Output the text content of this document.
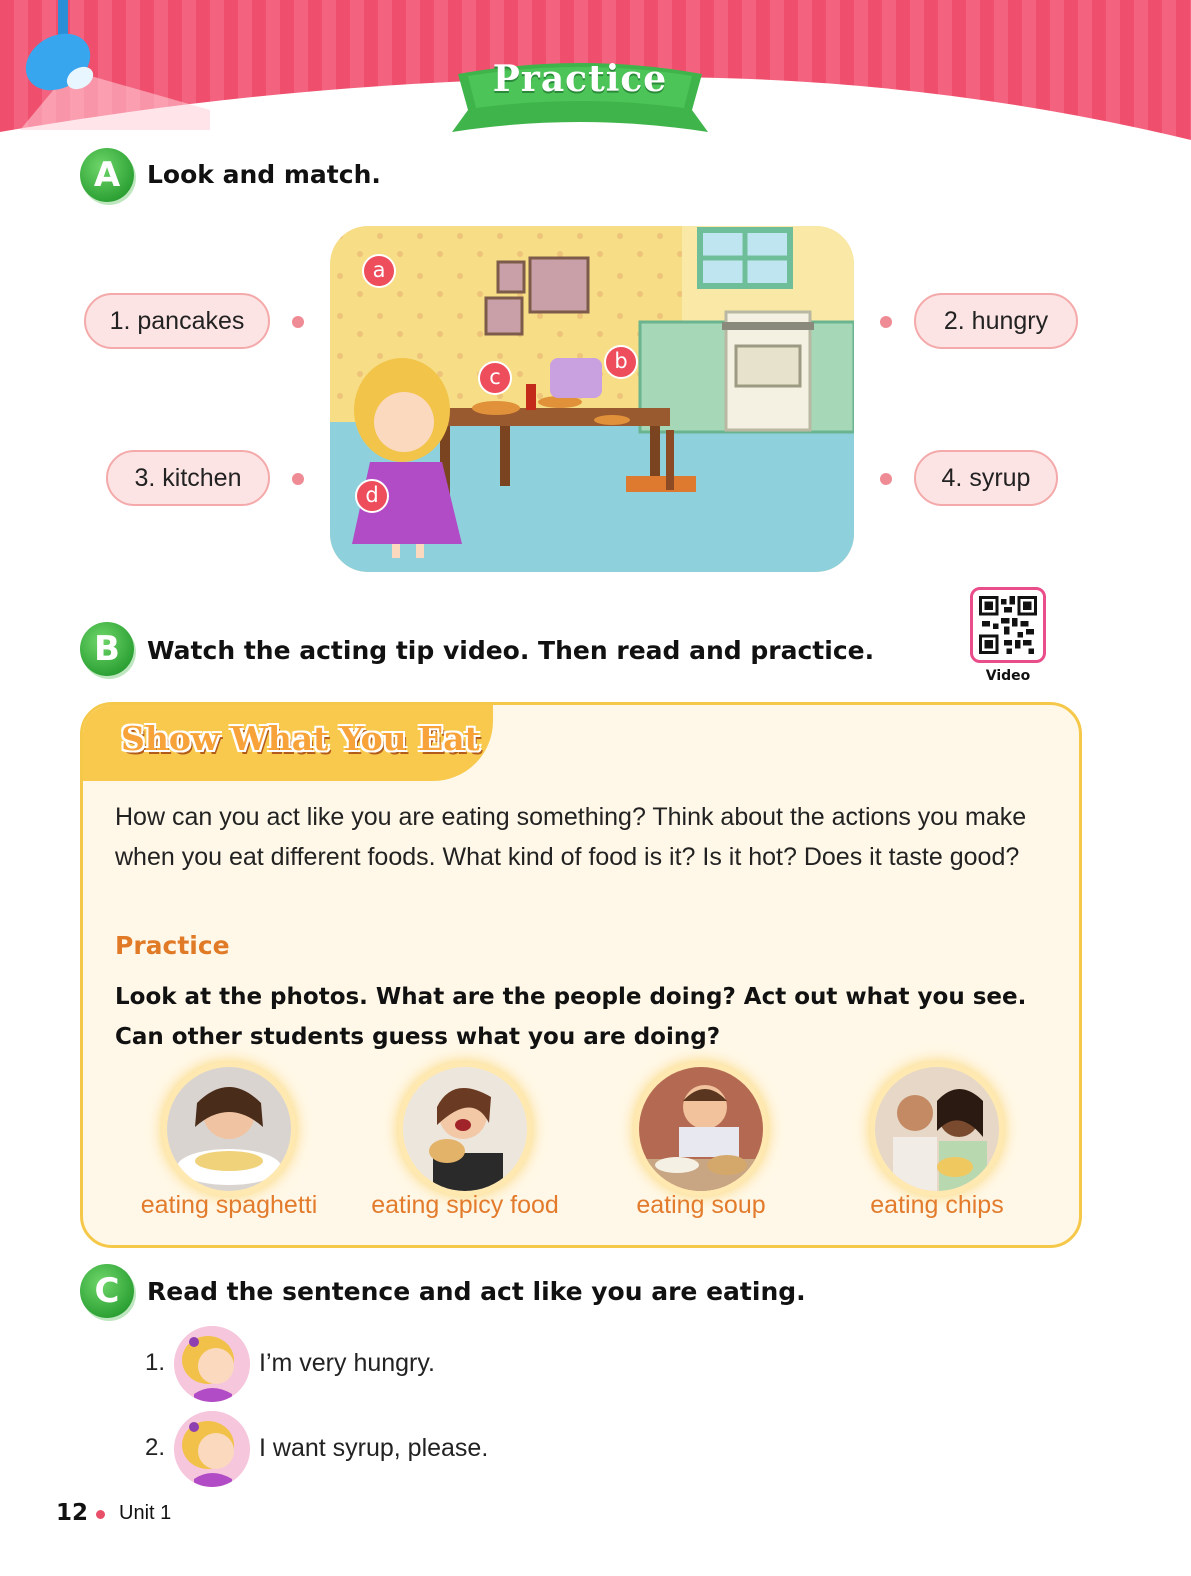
Practice
A	Look and match.
1. pancakes
3. kitchen
2. hungry
4. syrup
a
b
c
d
B	Watch the acting tip video. Then read and practice.
Video
Show What You Eat
How can you act like you are eating something? Think about the actions you make when you eat different foods. What kind of food is it? Is it hot? Does it taste good?
Practice
Look at the photos. What are the people doing? Act out what you see. Can other students guess what you are doing?
eating spaghetti	eating spicy food	eating soup	eating chips
C	Read the sentence and act like you are eating.
1.	I’m very hungry.
2.	I want syrup, please.
12 Unit 1
